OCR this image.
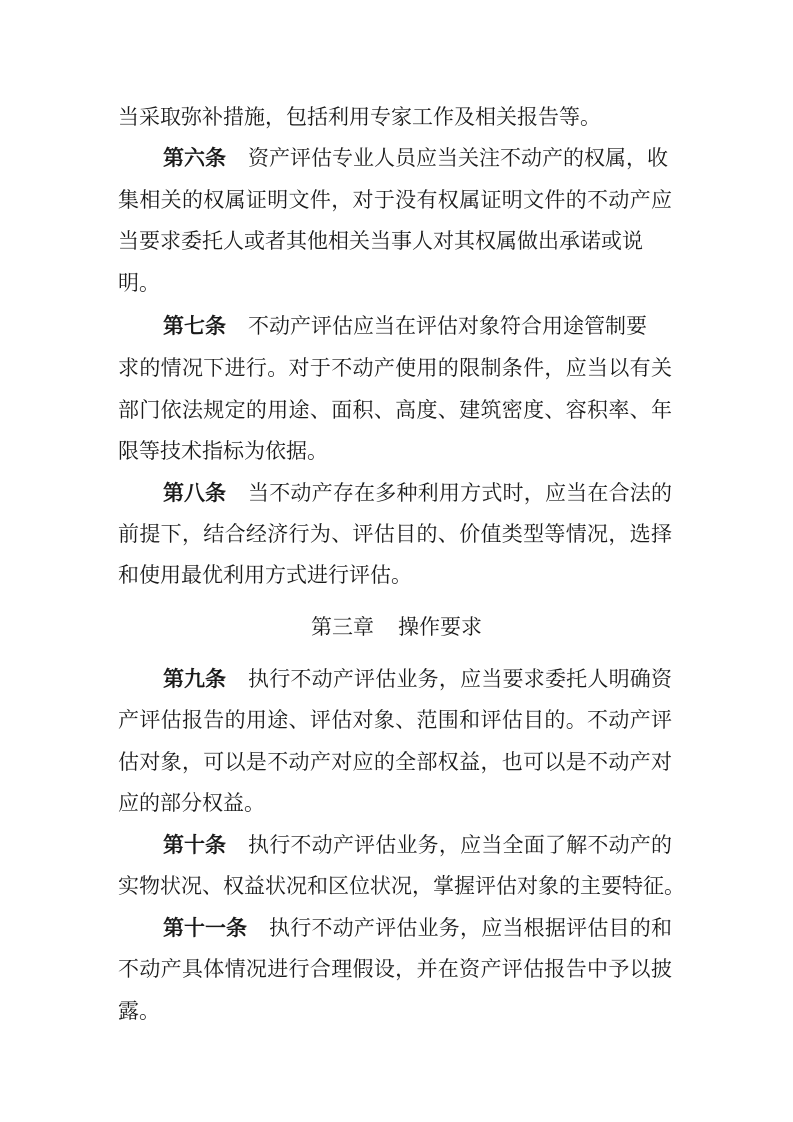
当采取弥补措施，包括利用专家工作及相关报告等。
第六条 资产评估专业人员应当关注不动产的权属，收
集相关的权属证明文件，对于没有权属证明文件的不动产应
当要求委托人或者其他相关当事人对其权属做出承诺或说
明。
第七条 不动产评估应当在评估对象符合用途管制要
求的情况下进行。对于不动产使用的限制条件，应当以有关
部门依法规定的用途、面积、高度、建筑密度、容积率、年
限等技术指标为依据。
第八条 当不动产存在多种利用方式时，应当在合法的
前提下，结合经济行为、评估目的、价值类型等情况，选择
和使用最优利用方式进行评估。
第三章 操作要求
第九条 执行不动产评估业务，应当要求委托人明确资
产评估报告的用途、评估对象、范围和评估目的。不动产评
估对象，可以是不动产对应的全部权益，也可以是不动产对
应的部分权益。
第十条 执行不动产评估业务，应当全面了解不动产的
实物状况、权益状况和区位状况，掌握评估对象的主要特征。
第十一条 执行不动产评估业务，应当根据评估目的和
不动产具体情况进行合理假设，并在资产评估报告中予以披
露。
